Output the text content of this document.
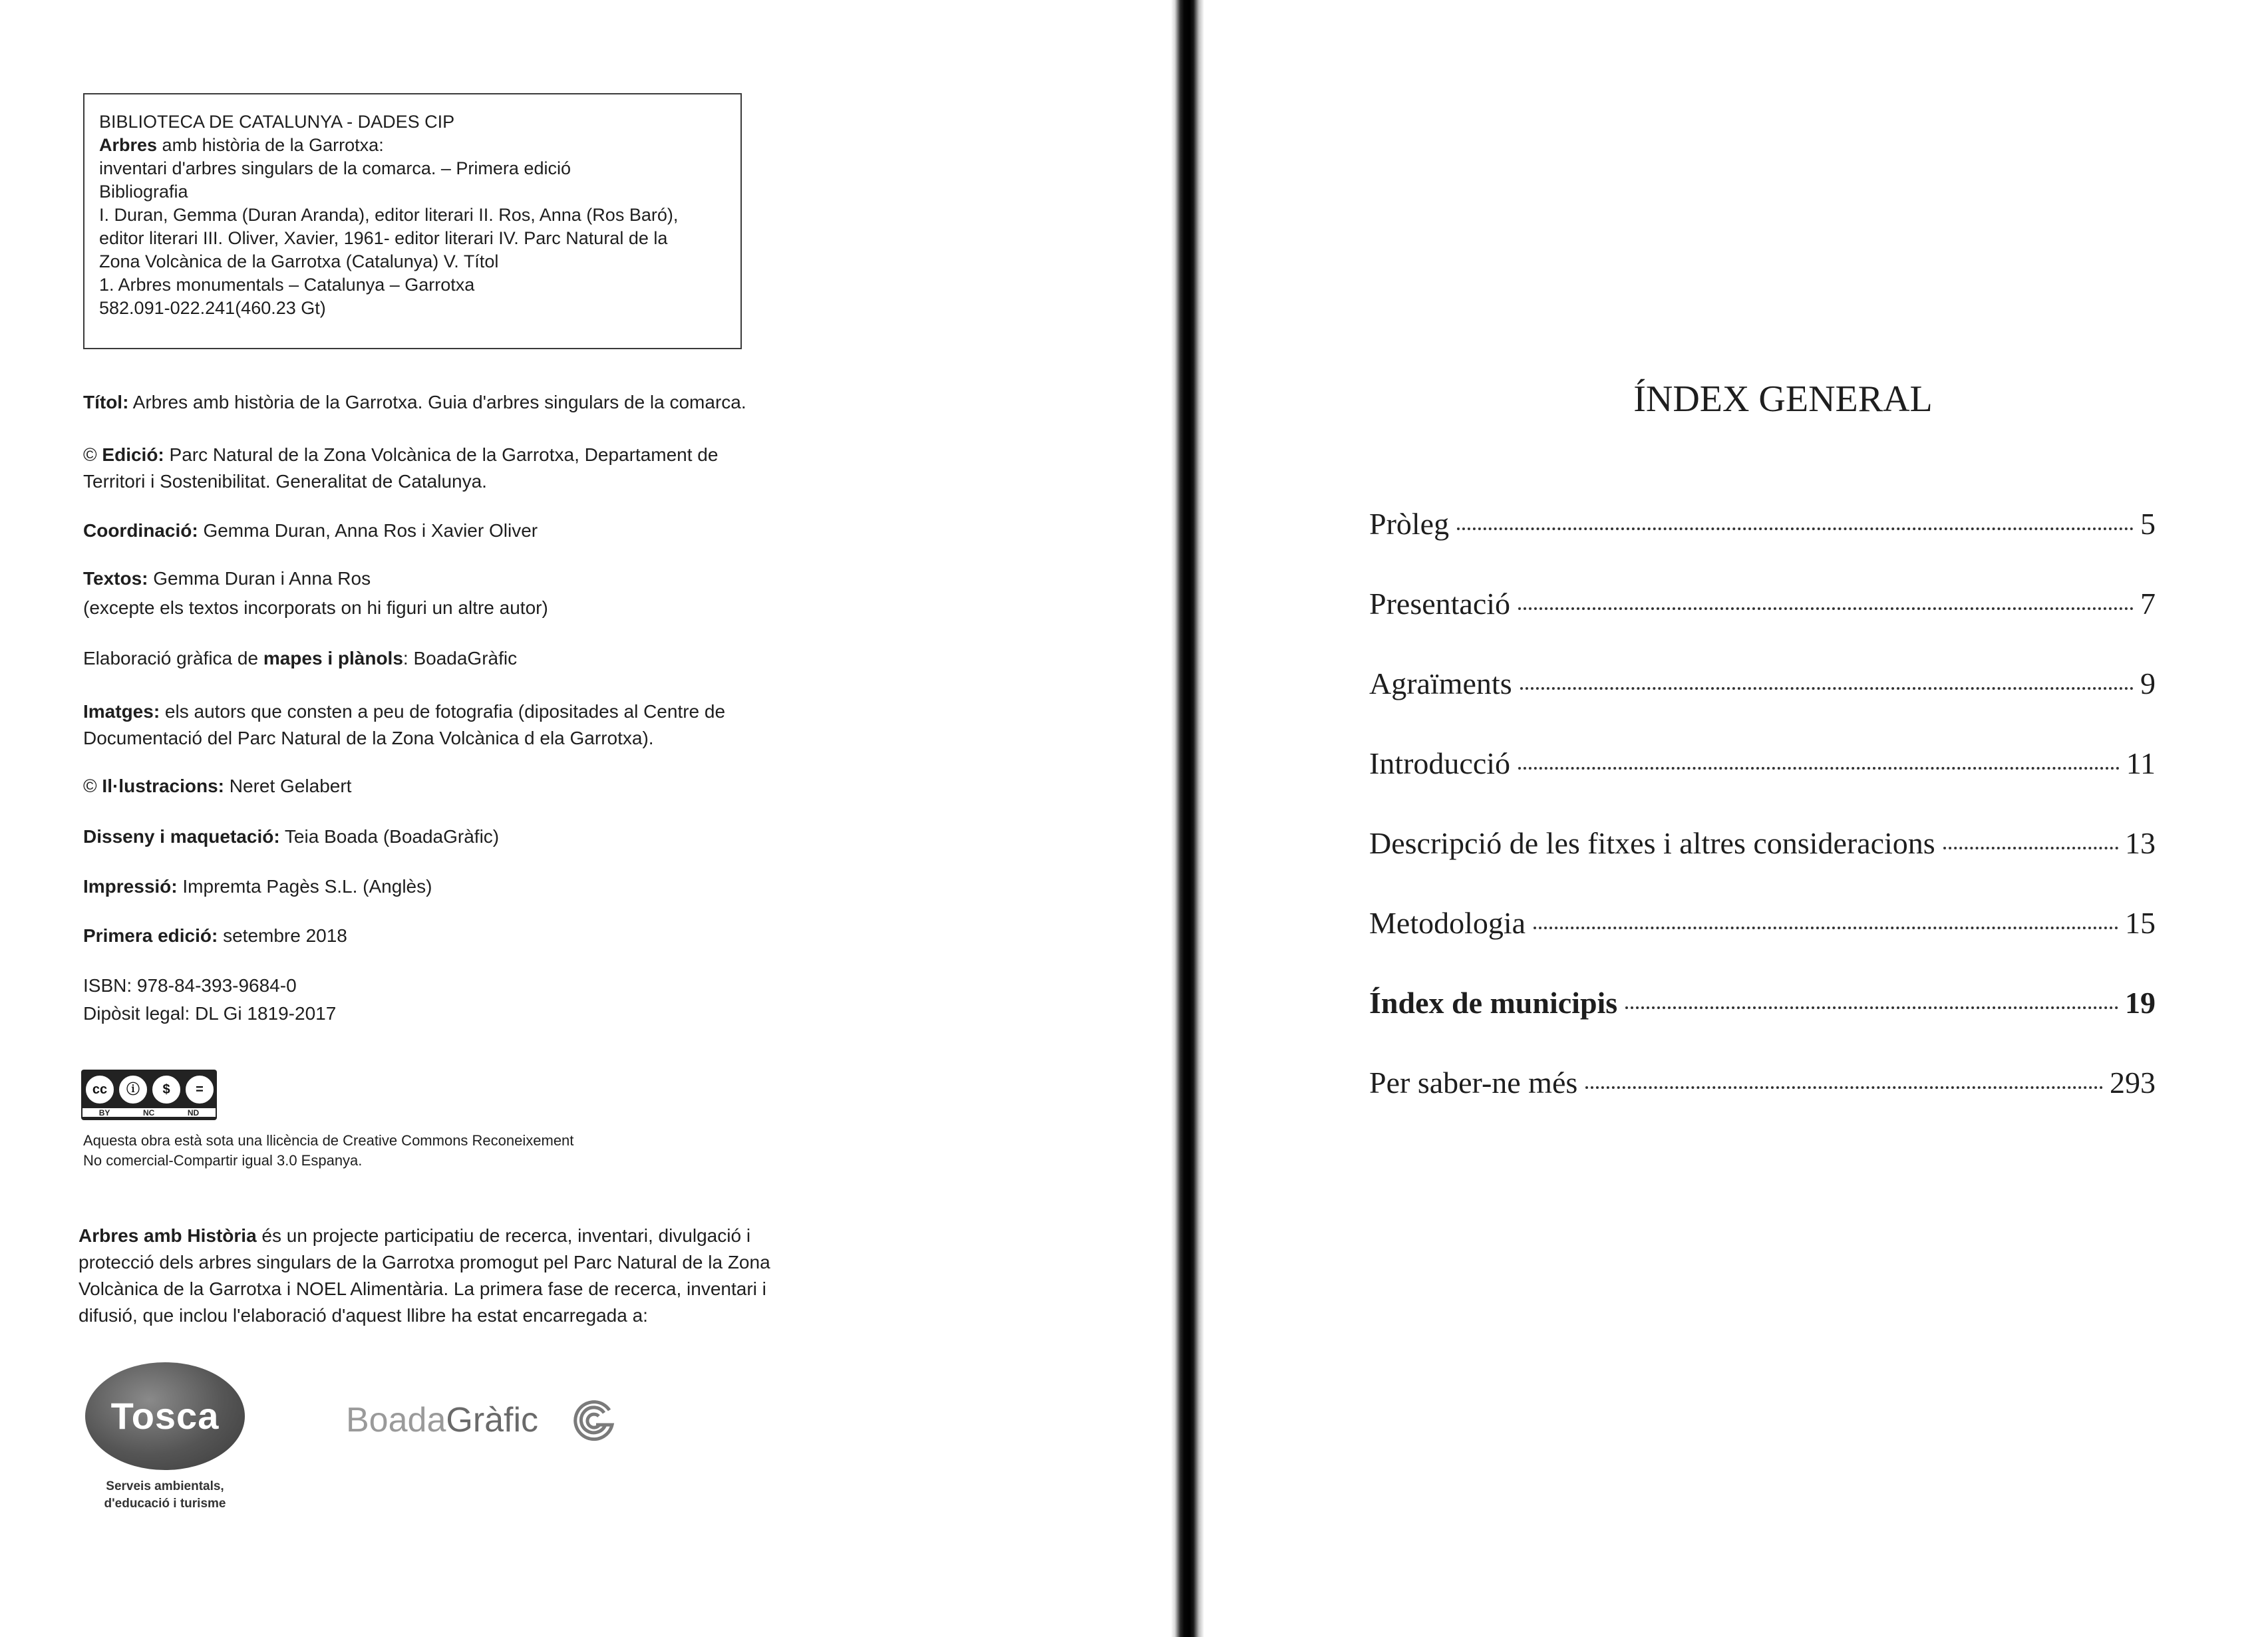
BIBLIOTECA DE CATALUNYA - DADES CIP
Arbres amb història de la Garrotxa:
inventari d'arbres singulars de la comarca. – Primera edició
Bibliografia
I. Duran, Gemma (Duran Aranda), editor literari II. Ros, Anna (Ros Baró),
editor literari III. Oliver, Xavier, 1961- editor literari IV. Parc Natural de la
Zona Volcànica de la Garrotxa (Catalunya) V. Títol
1. Arbres monumentals – Catalunya – Garrotxa
582.091-022.241(460.23 Gt)
Títol: Arbres amb història de la Garrotxa. Guia d'arbres singulars de la comarca.
© Edició: Parc Natural de la Zona Volcànica de la Garrotxa, Departament de
Territori i Sostenibilitat. Generalitat de Catalunya.
Coordinació: Gemma Duran, Anna Ros i Xavier Oliver
Textos: Gemma Duran i Anna Ros
(excepte els textos incorporats on hi figuri un altre autor)
Elaboració gràfica de mapes i plànols: BoadaGràfic
Imatges: els autors que consten a peu de fotografia (dipositades al Centre de
Documentació del Parc Natural de la Zona Volcànica d ela Garrotxa).
© Il·lustracions: Neret Gelabert
Disseny i maquetació: Teia Boada (BoadaGràfic)
Impressió: Impremta Pagès S.L. (Anglès)
Primera edició: setembre 2018
ISBN: 978-84-393-9684-0
Dipòsit legal: DL Gi 1819-2017
cc	ⓘ	$	=
BY	NC	ND
Aquesta obra està sota una llicència de Creative Commons Reconeixement
No comercial-Compartir igual 3.0 Espanya.
Arbres amb Història és un projecte participatiu de recerca, inventari, divulgació i protecció dels arbres singulars de la Garrotxa promogut pel Parc Natural de la Zona Volcànica de la Garrotxa i NOEL Alimentària. La primera fase de recerca, inventari i difusió, que inclou l'elaboració d'aquest llibre ha estat encarregada a:
Tosca
Serveis ambientals,
d'educació i turisme
BoadaGràfic
ÍNDEX GENERAL
Pròleg	5
Presentació	7
Agraïments	9
Introducció	11
Descripció de les fitxes i altres consideracions	13
Metodologia	15
Índex de municipis	19
Per saber-ne més	293
